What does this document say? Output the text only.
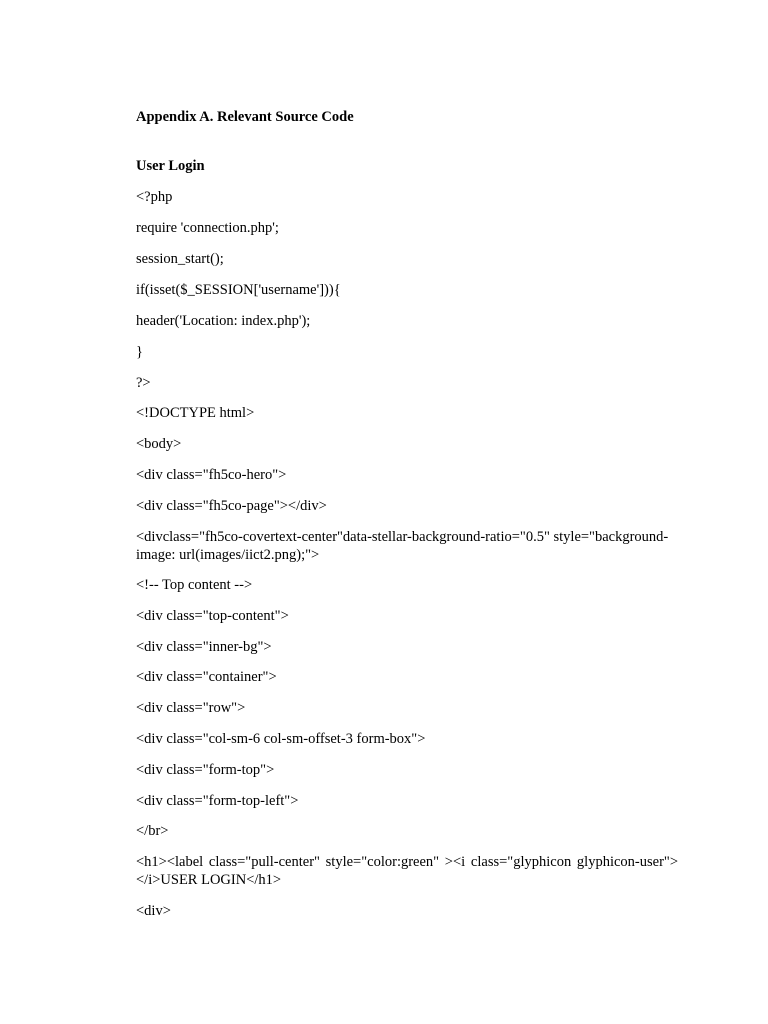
Appendix A. Relevant Source Code
User Login
<?php
require 'connection.php';
session_start();
if(isset($_SESSION['username'])){
header('Location: index.php');
}
?>
<!DOCTYPE html>
<body>
<div class="fh5co-hero">
<div class="fh5co-page"></div>
<divclass="fh5co-covertext-center"data-stellar-background-ratio="0.5" style="background-image: url(images/iict2.png);">
<!-- Top content -->
<div class="top-content">
<div class="inner-bg">
<div class="container">
<div class="row">
<div class="col-sm-6 col-sm-offset-3 form-box">
<div class="form-top">
<div class="form-top-left">
</br>
<h1><label class="pull-center" style="color:green" ><i class="glyphicon glyphicon-user"></i>USER LOGIN</h1>
<div>
